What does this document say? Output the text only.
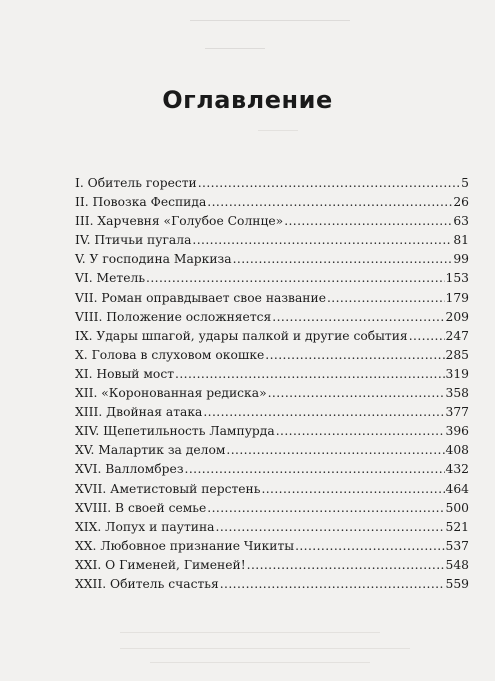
Оглавление
I. Обитель горести .....	5
II. Повозка Феспида .....	26
III. Харчевня «Голубое Солнце» .....	63
IV. Птичьи пугала .....	81
V. У господина Маркиза .....	99
VI. Метель .....	153
VII. Роман оправдывает свое название .....	179
VIII. Положение осложняется .....	209
IX. Удары шпагой, удары палкой и другие события .....	247
X. Голова в слуховом окошке .....	285
XI. Новый мост .....	319
XII. «Коронованная редиска» .....	358
XIII. Двойная атака .....	377
XIV. Щепетильность Лампурда .....	396
XV. Малартик за делом .....	408
XVI. Валломбрез .....	432
XVII. Аметистовый перстень .....	464
XVIII. В своей семье .....	500
XIX. Лопух и паутина .....	521
XX. Любовное признание Чикиты .....	537
XXI. О Гименей, Гименей! .....	548
XXII. Обитель счастья .....	559
